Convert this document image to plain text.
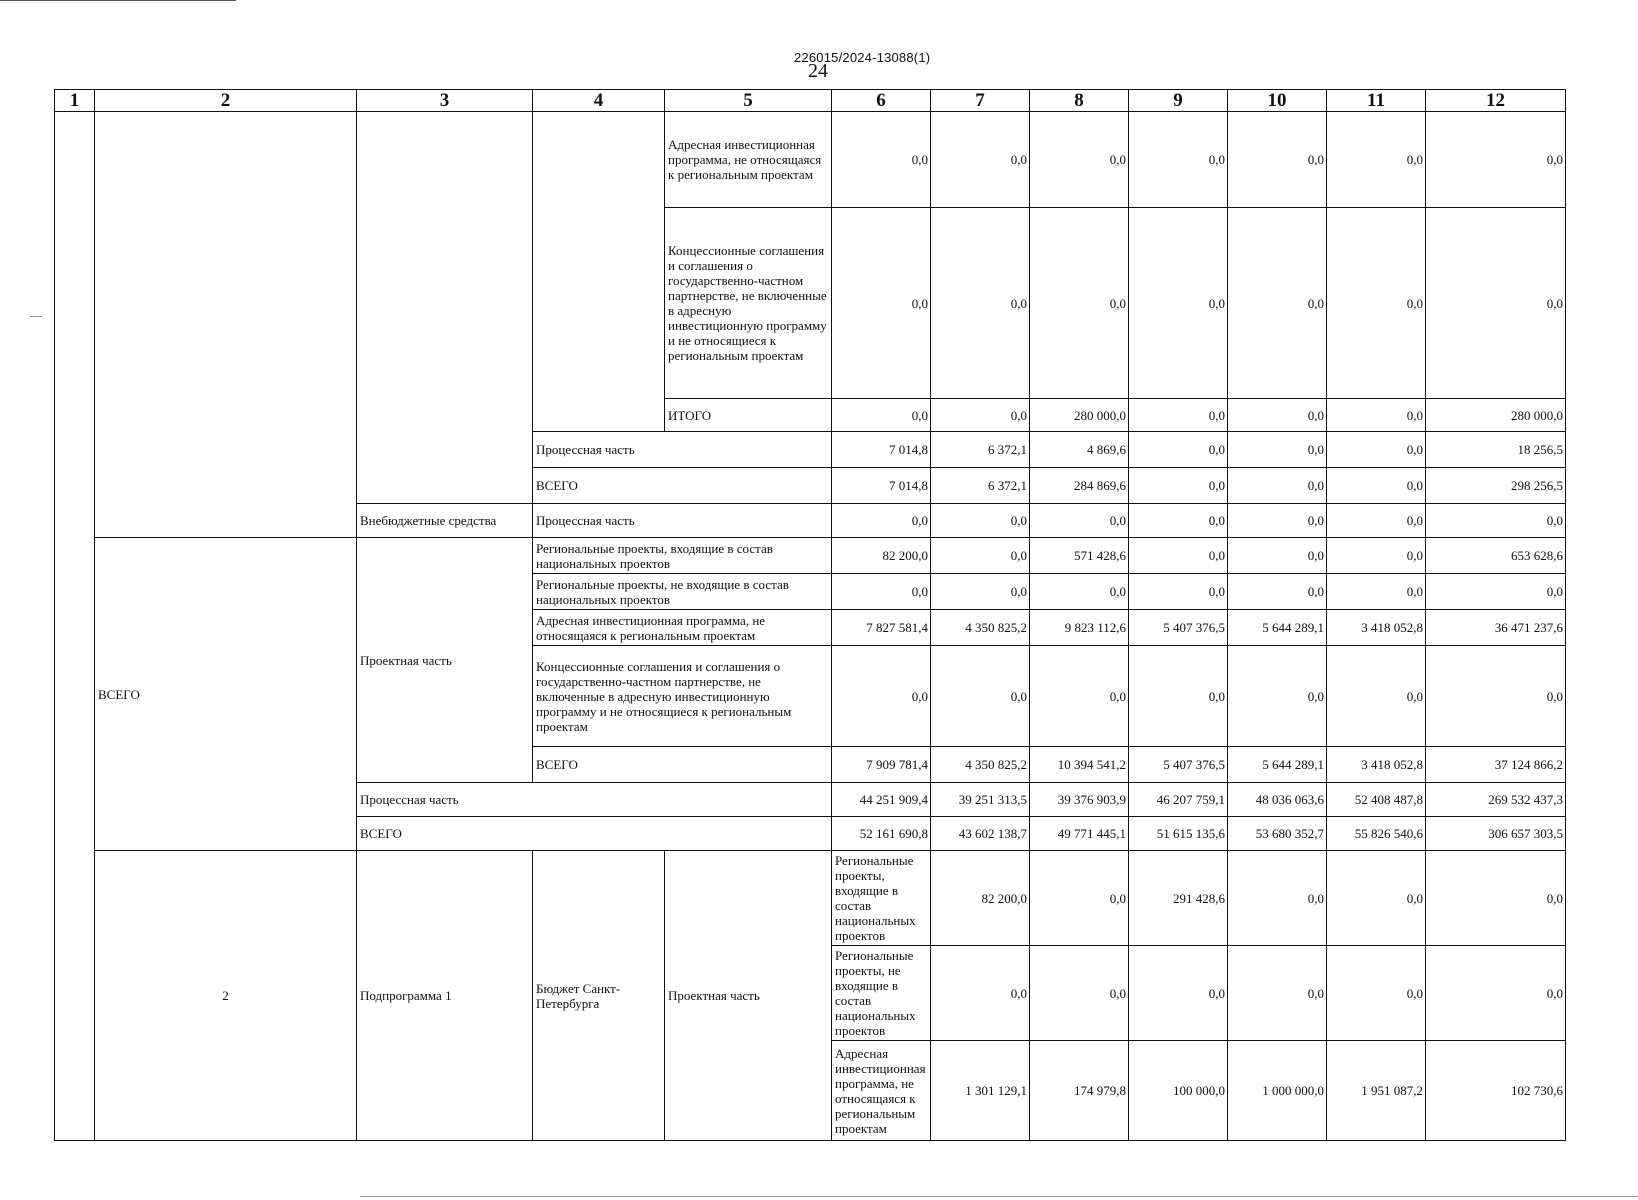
226015/2024-13088(1)
24
1	2	3	4	5	6	7	8	9	10	11	12	
				Адресная инвестиционная программа, не относящаяся к региональным проектам	0,0	0,0	0,0	0,0	0,0	0,0	0,0	
				Концессионные соглашения и соглашения о государственно-частном партнерстве, не включенные в адресную инвестиционную программу и не относящиеся к региональным проектам	0,0	0,0	0,0	0,0	0,0	0,0	0,0	
				ИТОГО	0,0	0,0	280 000,0	0,0	0,0	0,0	280 000,0	
			Процессная часть		7 014,8	6 372,1	4 869,6	0,0	0,0	0,0	18 256,5	
			ВСЕГО		7 014,8	6 372,1	284 869,6	0,0	0,0	0,0	298 256,5	
		Внебюджетные средства	Процессная часть		0,0	0,0	0,0	0,0	0,0	0,0	0,0	
	ВСЕГО	Проектная часть	Региональные проекты, входящие в состав национальных проектов		82 200,0	0,0	571 428,6	0,0	0,0	0,0	653 628,6	
			Региональные проекты, не входящие в состав национальных проектов		0,0	0,0	0,0	0,0	0,0	0,0	0,0	
			Адресная инвестиционная программа, не относящаяся к региональным проектам		7 827 581,4	4 350 825,2	9 823 112,6	5 407 376,5	5 644 289,1	3 418 052,8	36 471 237,6	
			Концессионные соглашения и соглашения о государственно-частном партнерстве, не включенные в адресную инвестиционную программу и не относящиеся к региональным проектам		0,0	0,0	0,0	0,0	0,0	0,0	0,0	
			ВСЕГО		7 909 781,4	4 350 825,2	10 394 541,2	5 407 376,5	5 644 289,1	3 418 052,8	37 124 866,2	
		Процессная часть			44 251 909,4	39 251 313,5	39 376 903,9	46 207 759,1	48 036 063,6	52 408 487,8	269 532 437,3	
		ВСЕГО			52 161 690,8	43 602 138,7	49 771 445,1	51 615 135,6	53 680 352,7	55 826 540,6	306 657 303,5	
	2	Подпрограмма 1	Бюджет Санкт-Петербурга	Проектная часть	Региональные проекты, входящие в состав национальных проектов	82 200,0	0,0	291 428,6	0,0	0,0	0,0	
					Региональные проекты, не входящие в состав национальных проектов	0,0	0,0	0,0	0,0	0,0	0,0	
					Адресная инвестиционная программа, не относящаяся к региональным проектам	1 301 129,1	174 979,8	100 000,0	1 000 000,0	1 951 087,2	102 730,6	
